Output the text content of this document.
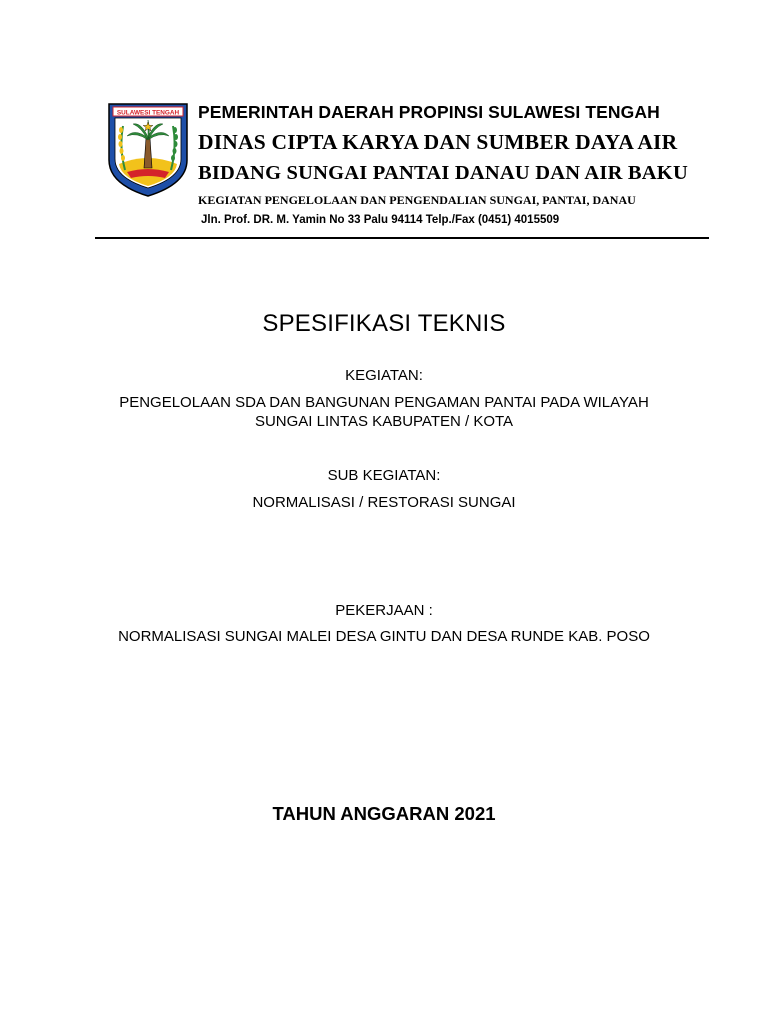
SULAWESI TENGAH PEMERINTAH DAERAH PROPINSI SULAWESI TENGAH

DINAS CIPTA KARYA DAN SUMBER DAYA AIR

BIDANG SUNGAI PANTAI DANAU DAN AIR BAKU

KEGIATAN PENGELOLAAN DAN PENGENDALIAN SUNGAI, PANTAI, DANAU

Jln. Prof. DR. M. Yamin No 33 Palu 94114 Telp./Fax (0451) 4015509

SPESIFIKASI TEKNIS

KEGIATAN:

PENGELOLAAN SDA DAN BANGUNAN PENGAMAN PANTAI PADA WILAYAH

SUNGAI LINTAS KABUPATEN / KOTA

SUB KEGIATAN:

NORMALISASI / RESTORASI SUNGAI

PEKERJAAN :

NORMALISASI SUNGAI MALEI DESA GINTU DAN DESA RUNDE KAB. POSO

TAHUN ANGGARAN 2021
